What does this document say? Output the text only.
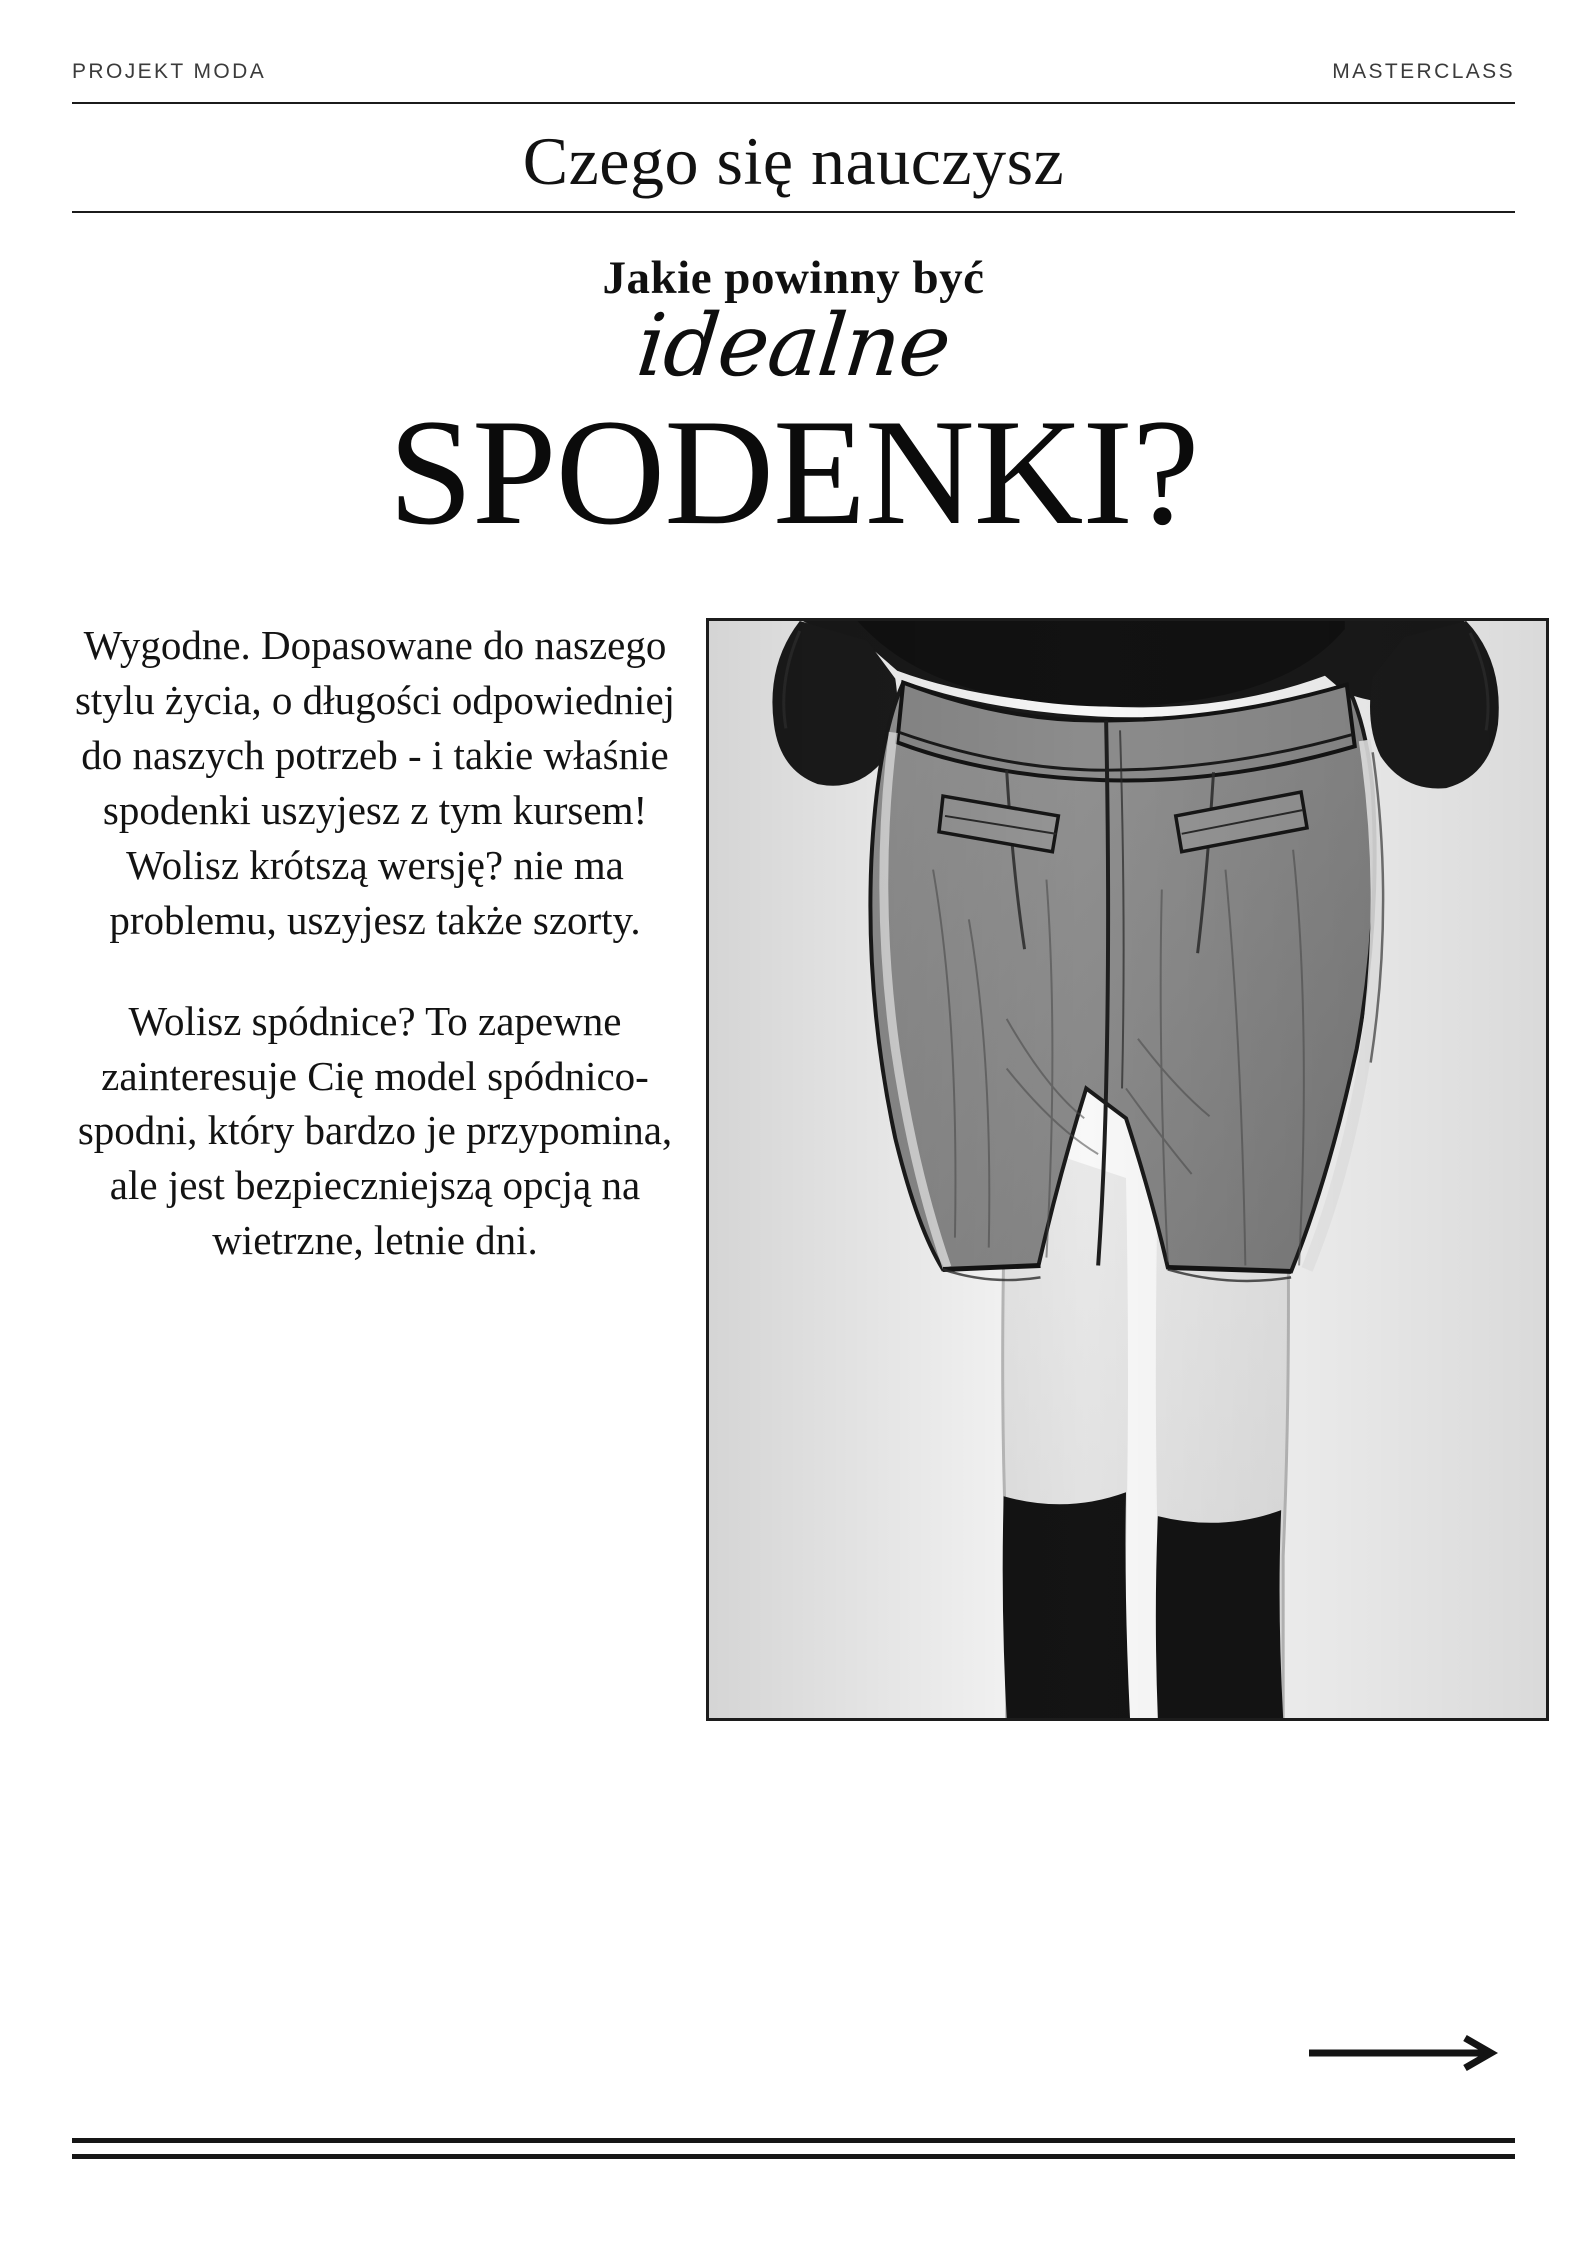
PROJEKT MODA	MASTERCLASS
Czego się nauczysz
Jakie powinny być
idealne
SPODENKI?

Wygodne. Dopasowane do naszego stylu życia, o długości odpowiedniej do naszych potrzeb - i takie właśnie spodenki uszyjesz z tym kursem! Wolisz krótszą wersję? nie ma problemu, uszyjesz także szorty.

Wolisz spódnice? To zapewne zainteresuje Cię model spódnico-spodni, który bardzo je przypomina, ale jest bezpieczniejszą opcją na wietrzne, letnie dni.
